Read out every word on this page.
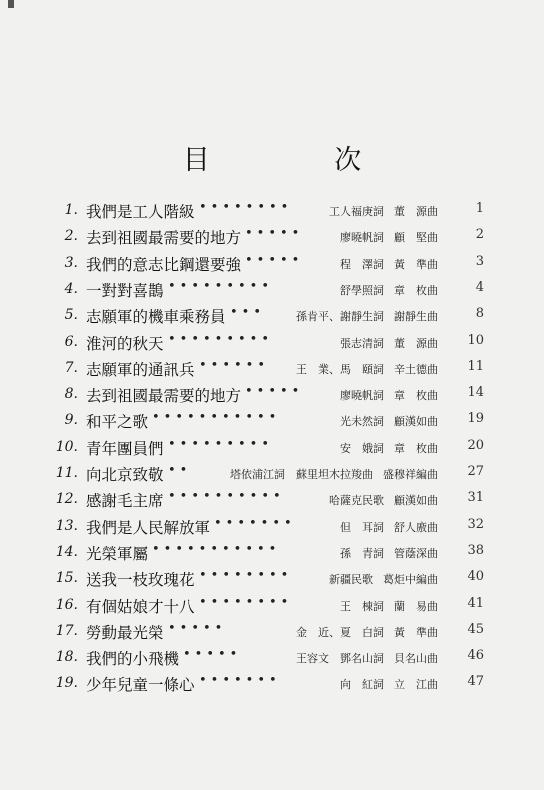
目 次
1. 我們是工人階級 ••••••••	工人福庚詞 董　源曲	1
2. 去到祖國最需要的地方 •••••	廖曉帆詞 顧　堅曲	2
3. 我們的意志比鋼還要強 •••••	程　澤詞 黃　準曲	3
4. 一對對喜鵲 •••••••••	舒學照詞 章　枚曲	4
5. 志願軍的機車乘務員 •••	孫肯平、謝靜生詞 謝靜生曲	8
6. 淮河的秋天 •••••••••	張志清詞 董　源曲	10
7. 志願軍的通訊兵 •••••• 王　業、馬　頤詞 辛土德曲	11
8. 去到祖國最需要的地方 •••••	廖曉帆詞 章　枚曲	14
9. 和平之歌 •••••••••••	光未然詞 顧漢如曲	19
10. 青年團員們 •••••••••	安　娥詞 章　枚曲	20
11. 向北京致敬 ••	塔依浦江詞　蘇里坦木拉羧曲 盛穆祥編曲	27
12. 感謝毛主席 ••••••••••	哈薩克民歌 顧漢如曲	31
13. 我們是人民解放軍 •••••••	但　耳詞 舒人廒曲	32
14. 光榮軍屬 •••••••••••	孫　青詞 管蔭深曲	38
15. 送我一枝玫瑰花 ••••••••	新疆民歌 葛炬中編曲	40
16. 有個姑娘才十八 ••••••••	王　棟詞 蘭　易曲	41
17. 勞動最光榮 •••••	金　近、夏　白詞 黃　準曲	45
18. 我們的小飛機 •••••	王容文　鄧名山詞 貝名山曲	46
19. 少年兒童一條心 •••••••	向　紅詞 立　江曲	47
